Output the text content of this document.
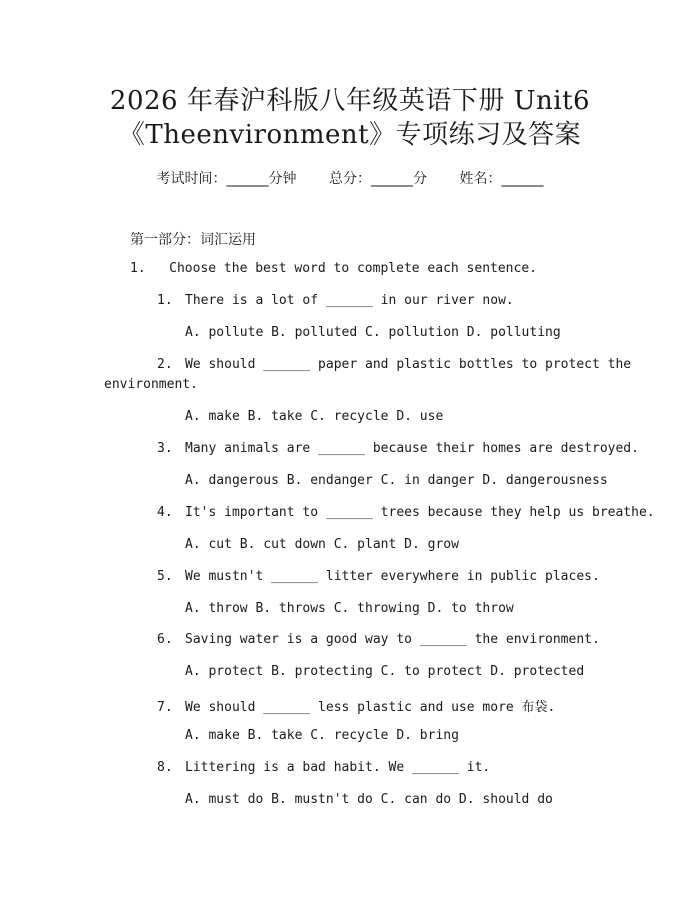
2026 年春沪科版八年级英语下册 Unit6
《Theenvironment》专项练习及答案
考试时间：______分钟 总分：______分 姓名：______
第一部分：词汇运用
1. Choose the best word to complete each sentence.
1. There is a lot of ______ in our river now.
A. pollute B. polluted C. pollution D. polluting
2. We should ______ paper and plastic bottles to protect the
environment.
A. make B. take C. recycle D. use
3. Many animals are ______ because their homes are destroyed.
A. dangerous B. endanger C. in danger D. dangerousness
4. It's important to ______ trees because they help us breathe.
A. cut B. cut down C. plant D. grow
5. We mustn't ______ litter everywhere in public places.
A. throw B. throws C. throwing D. to throw
6. Saving water is a good way to ______ the environment.
A. protect B. protecting C. to protect D. protected
7. We should ______ less plastic and use more 布袋.
A. make B. take C. recycle D. bring
8. Littering is a bad habit. We ______ it.
A. must do B. mustn't do C. can do D. should do
